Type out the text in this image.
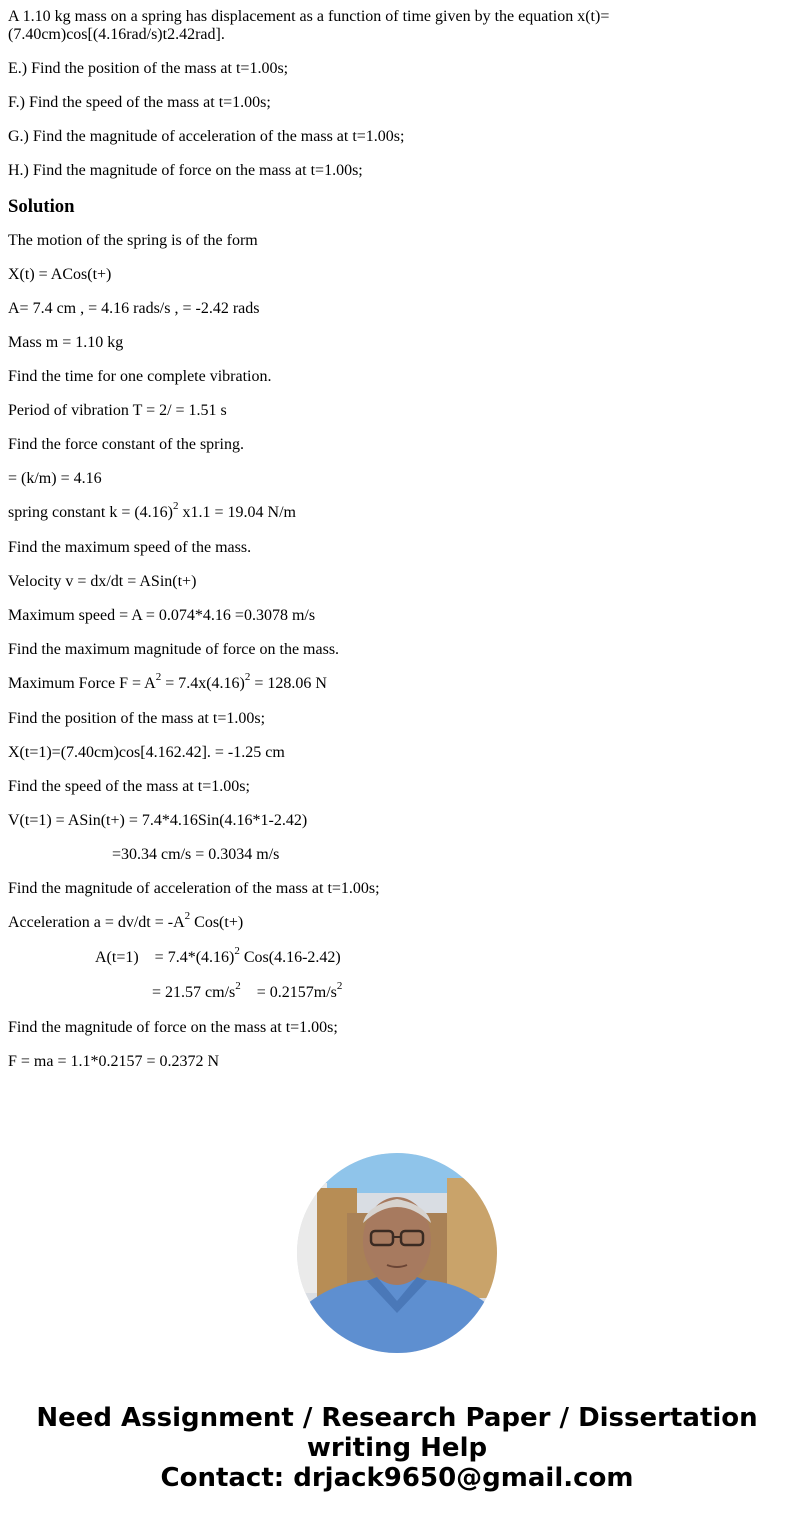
A 1.10 kg mass on a spring has displacement as a function of time given by the equation x(t)=(7.40cm)cos[(4.16rad/s)t2.42rad].
E.) Find the position of the mass at t=1.00s;
F.) Find the speed of the mass at t=1.00s;
G.) Find the magnitude of acceleration of the mass at t=1.00s;
H.) Find the magnitude of force on the mass at t=1.00s;
Solution
The motion of the spring is of the form
X(t) = ACos(t+)
A= 7.4 cm , = 4.16 rads/s , = -2.42 rads
Mass m = 1.10 kg
Find the time for one complete vibration.
Period of vibration T = 2/ = 1.51 s
Find the force constant of the spring.
= (k/m) = 4.16
spring constant $k = (4.16)^2$ x1.1 = 19.04 N/m
Find the maximum speed of the mass.
Velocity v = dx/dt = ASin(t+)
Maximum speed = A = 0.074*4.16 =0.3078 m/s
Find the maximum magnitude of force on the mass.
Maximum Force $F = A^2 = 7.4x(4.16)^2 = 128.06$ N
Find the position of the mass at t=1.00s;
X(t=1)=(7.40cm)cos[4.162.42]. = -1.25 cm
Find the speed of the mass at t=1.00s;
V(t=1) = ASin(t+) = 7.4*4.16Sin(4.16*1-2.42)
=30.34 cm/s = 0.3034 m/s
Find the magnitude of acceleration of the mass at t=1.00s;
Acceleration $a = dv/dt = -A^2$ Cos(t+)
A(t=1)    = $7.4*(4.16)^2$ Cos(4.16-2.42)
= 21.57 $cm/s^2$    = $0.2157m/s^2$
Find the magnitude of force on the mass at t=1.00s;
F = ma = 1.1*0.2157 = 0.2372 N
Need Assignment / Research Paper / Dissertation
writing Help
Contact: drjack9650@gmail.com
